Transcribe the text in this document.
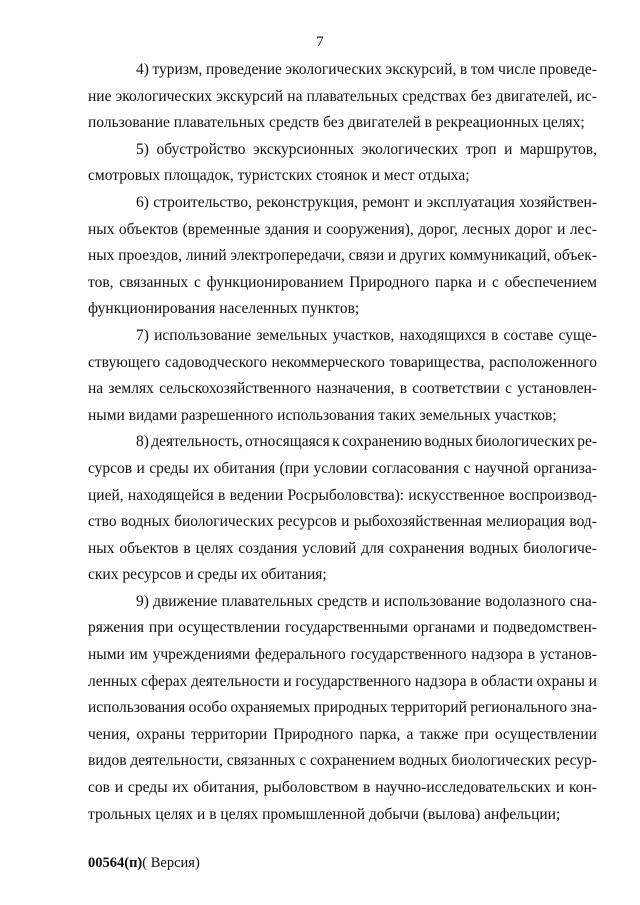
7
4) туризм, проведение экологических экскурсий, в том числе проведе-
ние экологических экскурсий на плавательных средствах без двигателей, ис-
пользование плавательных средств без двигателей в рекреационных целях;
5) обустройство экскурсионных экологических троп и маршрутов,
смотровых площадок, туристских стоянок и мест отдыха;
6) строительство, реконструкция, ремонт и эксплуатация хозяйствен-
ных объектов (временные здания и сооружения), дорог, лесных дорог и лес-
ных проездов, линий электропередачи, связи и других коммуникаций, объек-
тов, связанных с функционированием Природного парка и с обеспечением
функционирования населенных пунктов;
7) использование земельных участков, находящихся в составе суще-
ствующего садоводческого некоммерческого товарищества, расположенного
на землях сельскохозяйственного назначения, в соответствии с установлен-
ными видами разрешенного использования таких земельных участков;
8) деятельность, относящаяся к сохранению водных биологических ре-
сурсов и среды их обитания (при условии согласования с научной организа-
цией, находящейся в ведении Росрыболовства): искусственное воспроизвод-
ство водных биологических ресурсов и рыбохозяйственная мелиорация вод-
ных объектов в целях создания условий для сохранения водных биологиче-
ских ресурсов и среды их обитания;
9) движение плавательных средств и использование водолазного сна-
ряжения при осуществлении государственными органами и подведомствен-
ными им учреждениями федерального государственного надзора в установ-
ленных сферах деятельности и государственного надзора в области охраны и
использования особо охраняемых природных территорий регионального зна-
чения, охраны территории Природного парка, а также при осуществлении
видов деятельности, связанных с сохранением водных биологических ресур-
сов и среды их обитания, рыболовством в научно-исследовательских и кон-
трольных целях и в целях промышленной добычи (вылова) анфельции;
00564(п)( Версия)
